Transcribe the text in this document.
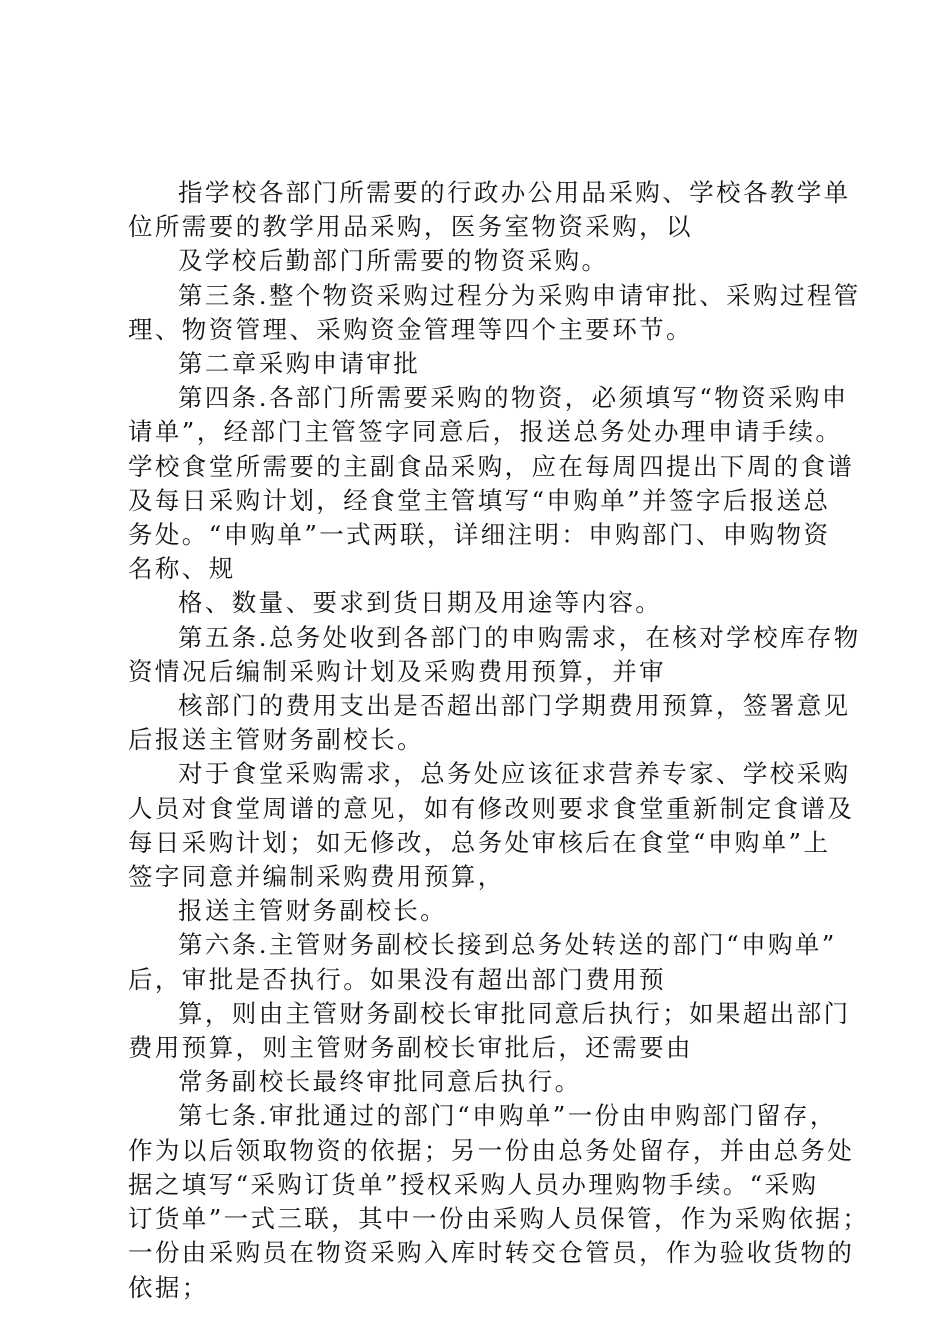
指学校各部门所需要的行政办公用品采购、学校各教学单
位所需要的教学用品采购，医务室物资采购，以
及学校后勤部门所需要的物资采购。
第三条.整个物资采购过程分为采购申请审批、采购过程管
理、物资管理、采购资金管理等四个主要环节。
第二章采购申请审批
第四条.各部门所需要采购的物资，必须填写“物资采购申
请单”，经部门主管签字同意后，报送总务处办理申请手续。
学校食堂所需要的主副食品采购，应在每周四提出下周的食谱
及每日采购计划，经食堂主管填写“申购单”并签字后报送总
务处。“申购单”一式两联，详细注明：申购部门、申购物资
名称、规
格、数量、要求到货日期及用途等内容。
第五条.总务处收到各部门的申购需求，在核对学校库存物
资情况后编制采购计划及采购费用预算，并审
核部门的费用支出是否超出部门学期费用预算，签署意见
后报送主管财务副校长。
对于食堂采购需求，总务处应该征求营养专家、学校采购
人员对食堂周谱的意见，如有修改则要求食堂重新制定食谱及
每日采购计划；如无修改，总务处审核后在食堂“申购单”上
签字同意并编制采购费用预算，
报送主管财务副校长。
第六条.主管财务副校长接到总务处转送的部门“申购单”
后，审批是否执行。如果没有超出部门费用预
算，则由主管财务副校长审批同意后执行；如果超出部门
费用预算，则主管财务副校长审批后，还需要由
常务副校长最终审批同意后执行。
第七条.审批通过的部门“申购单”一份由申购部门留存，
作为以后领取物资的依据；另一份由总务处留存，并由总务处
据之填写“采购订货单”授权采购人员办理购物手续。“采购
订货单”一式三联，其中一份由采购人员保管，作为采购依据；
一份由采购员在物资采购入库时转交仓管员，作为验收货物的
依据；
